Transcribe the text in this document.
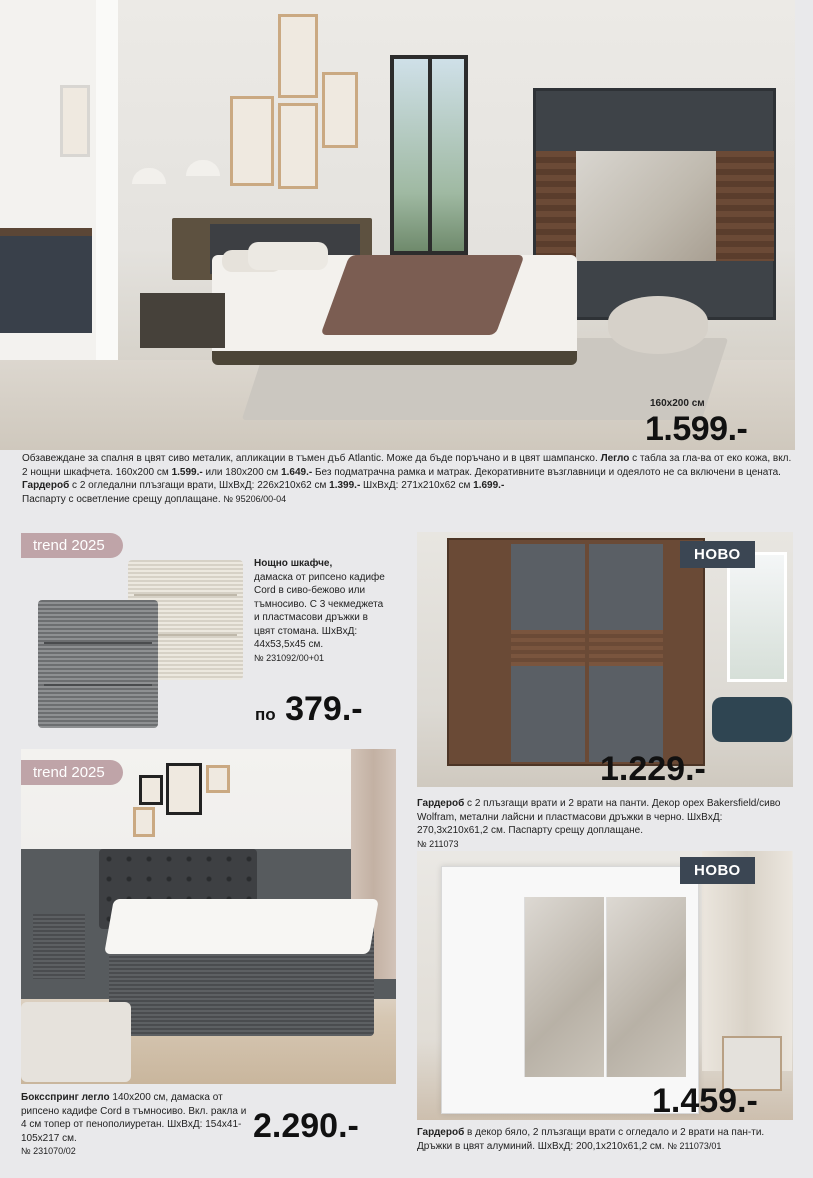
160x200 см
1.599.-

Обзавеждане за спалня в цвят сиво металик, апликации в тъмен дъб Atlantic. Може да бъде поръчано и в цвят шампанско. Легло с табла за гла-ва от еко кожа, вкл. 2 нощни шкафчета. 160x200 см 1.599.- или 180x200 см 1.649.- Без подматрачна рамка и матрак. Декоративните възглавници и одеялото не са включени в цената. Гардероб с 2 огледални плъзгащи врати, ШxВxД: 226x210x62 см 1.399.- ШxВxД: 271x210x62 см 1.699.-
Паспарту с осветление срещу доплащане. № 95206/00-04

trend 2025
Нощно шкафче,
дамаска от рипсено кадифе Cord в сиво-бежово или тъмносиво. С 3 чекмеджета и пластмасови дръжки в цвят стомана. ШxВxД: 44x53,5x45 см.
№ 231092/00+01
по 379.-
НОВО
1.229.-

Гардероб с 2 плъзгащи врати и 2 врати на панти. Декор орех Bakersfield/сиво Wolfram, метални лайсни и пластмасови дръжки в черно. ШxВxД: 270,3x210x61,2 см. Паспарту срещу доплащане.
№ 211073

trend 2025

Боксспринг легло 140x200 см, дамаска от рипсено кадифе Cord в тъмносиво. Вкл. ракла и 4 см топер от пенополиуретан. ШxВxД: 154x41-105x217 см.
№ 231070/02

2.290.-
НОВО
1.459.-

Гардероб в декор бяло, 2 плъзгащи врати с огледало и 2 врати на пан-ти. Дръжки в цвят алуминий. ШxВxД: 200,1x210x61,2 см. № 211073/01
